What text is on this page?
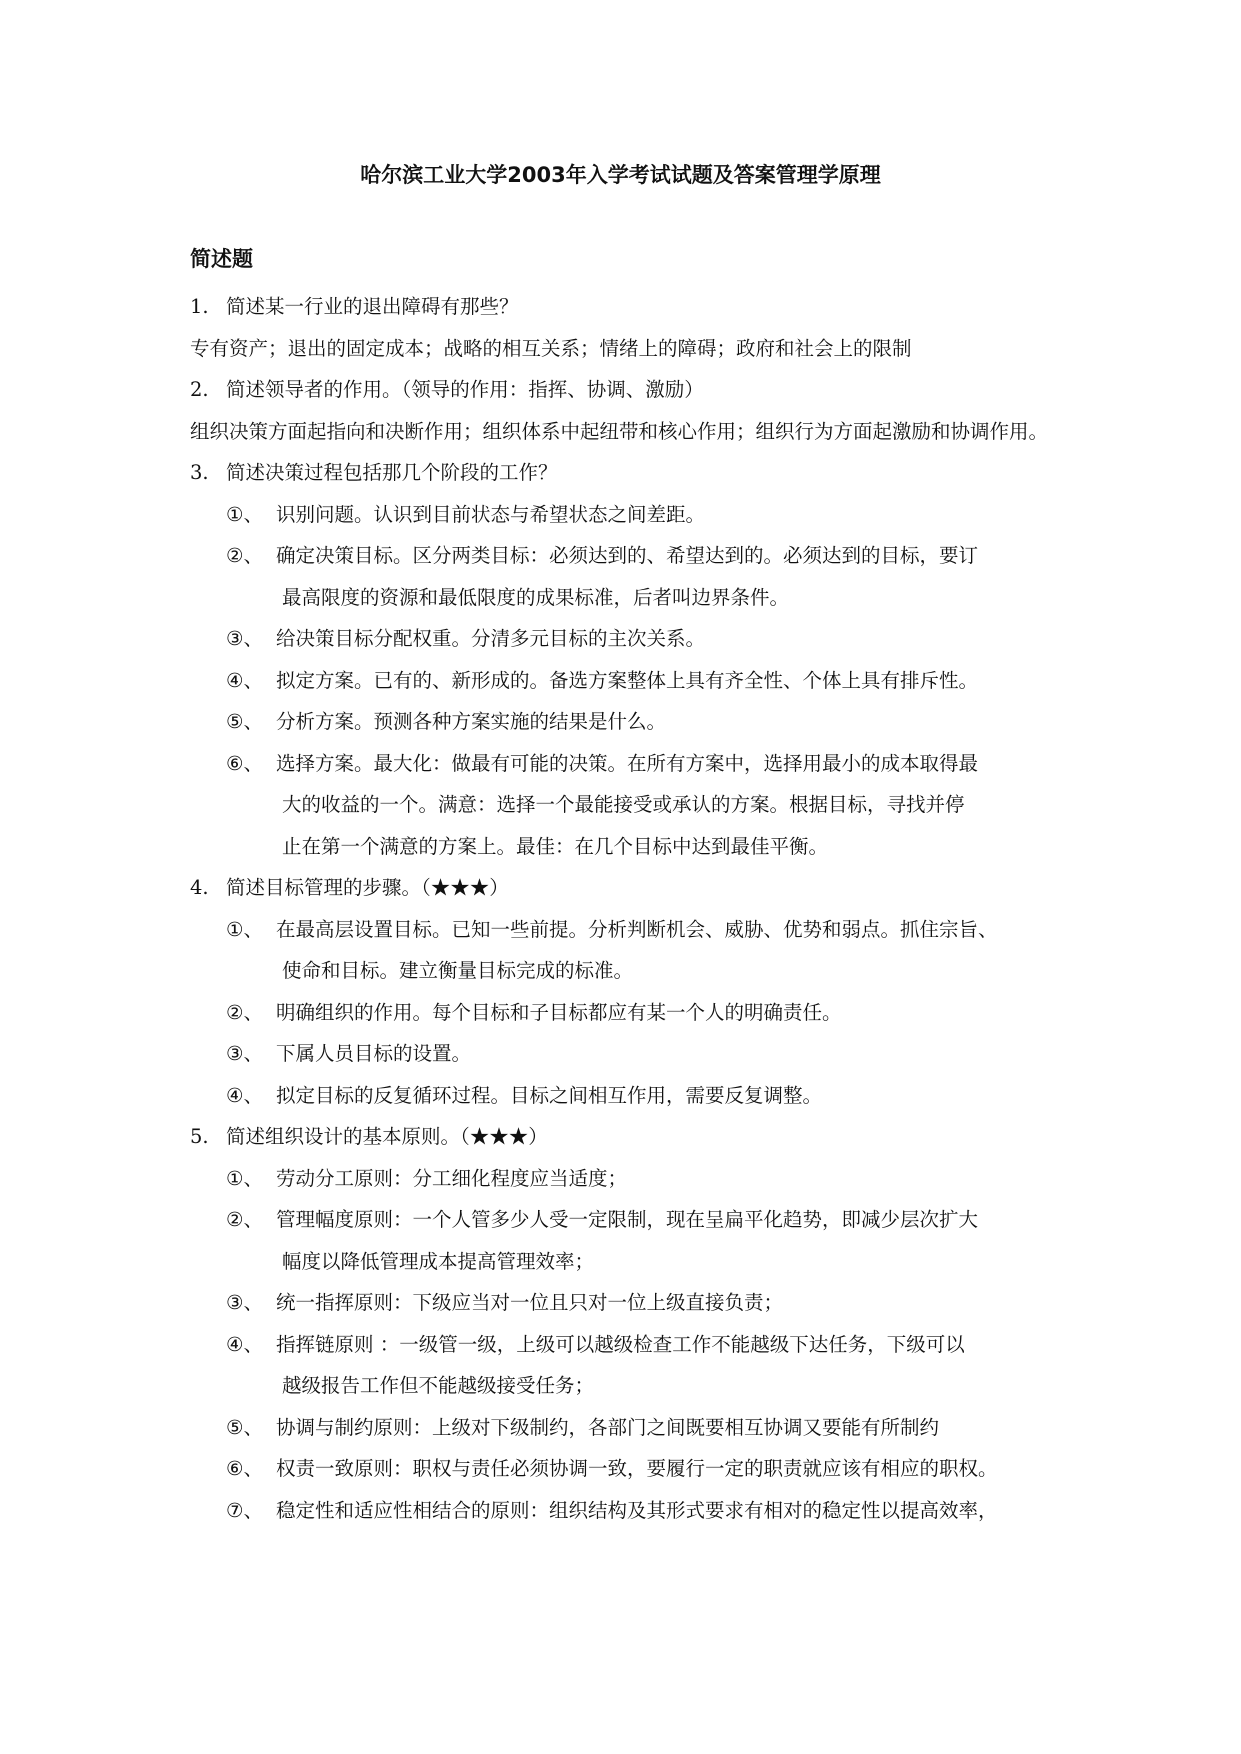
哈尔滨工业大学2003年入学考试试题及答案管理学原理
简述题
1. 简述某一行业的退出障碍有那些？
专有资产；退出的固定成本；战略的相互关系；情绪上的障碍；政府和社会上的限制
2. 简述领导者的作用。（领导的作用：指挥、协调、激励）
组织决策方面起指向和决断作用；组织体系中起纽带和核心作用；组织行为方面起激励和协调作用。
3. 简述决策过程包括那几个阶段的工作？
①、 识别问题。认识到目前状态与希望状态之间差距。
②、 确定决策目标。区分两类目标：必须达到的、希望达到的。必须达到的目标，要订
最高限度的资源和最低限度的成果标准，后者叫边界条件。
③、 给决策目标分配权重。分清多元目标的主次关系。
④、 拟定方案。已有的、新形成的。备选方案整体上具有齐全性、个体上具有排斥性。
⑤、 分析方案。预测各种方案实施的结果是什么。
⑥、 选择方案。最大化：做最有可能的决策。在所有方案中，选择用最小的成本取得最
大的收益的一个。满意：选择一个最能接受或承认的方案。根据目标，寻找并停
止在第一个满意的方案上。最佳：在几个目标中达到最佳平衡。
4. 简述目标管理的步骤。（★★★）
①、 在最高层设置目标。已知一些前提。分析判断机会、威胁、优势和弱点。抓住宗旨、
使命和目标。建立衡量目标完成的标准。
②、 明确组织的作用。每个目标和子目标都应有某一个人的明确责任。
③、 下属人员目标的设置。
④、 拟定目标的反复循环过程。目标之间相互作用，需要反复调整。
5. 简述组织设计的基本原则。（★★★）
①、 劳动分工原则：分工细化程度应当适度；
②、 管理幅度原则：一个人管多少人受一定限制，现在呈扁平化趋势，即减少层次扩大
幅度以降低管理成本提高管理效率；
③、 统一指挥原则：下级应当对一位且只对一位上级直接负责；
④、 指挥链原则 ：一级管一级，上级可以越级检查工作不能越级下达任务，下级可以
越级报告工作但不能越级接受任务；
⑤、 协调与制约原则：上级对下级制约，各部门之间既要相互协调又要能有所制约
⑥、 权责一致原则：职权与责任必须协调一致，要履行一定的职责就应该有相应的职权。
⑦、 稳定性和适应性相结合的原则：组织结构及其形式要求有相对的稳定性以提高效率，
